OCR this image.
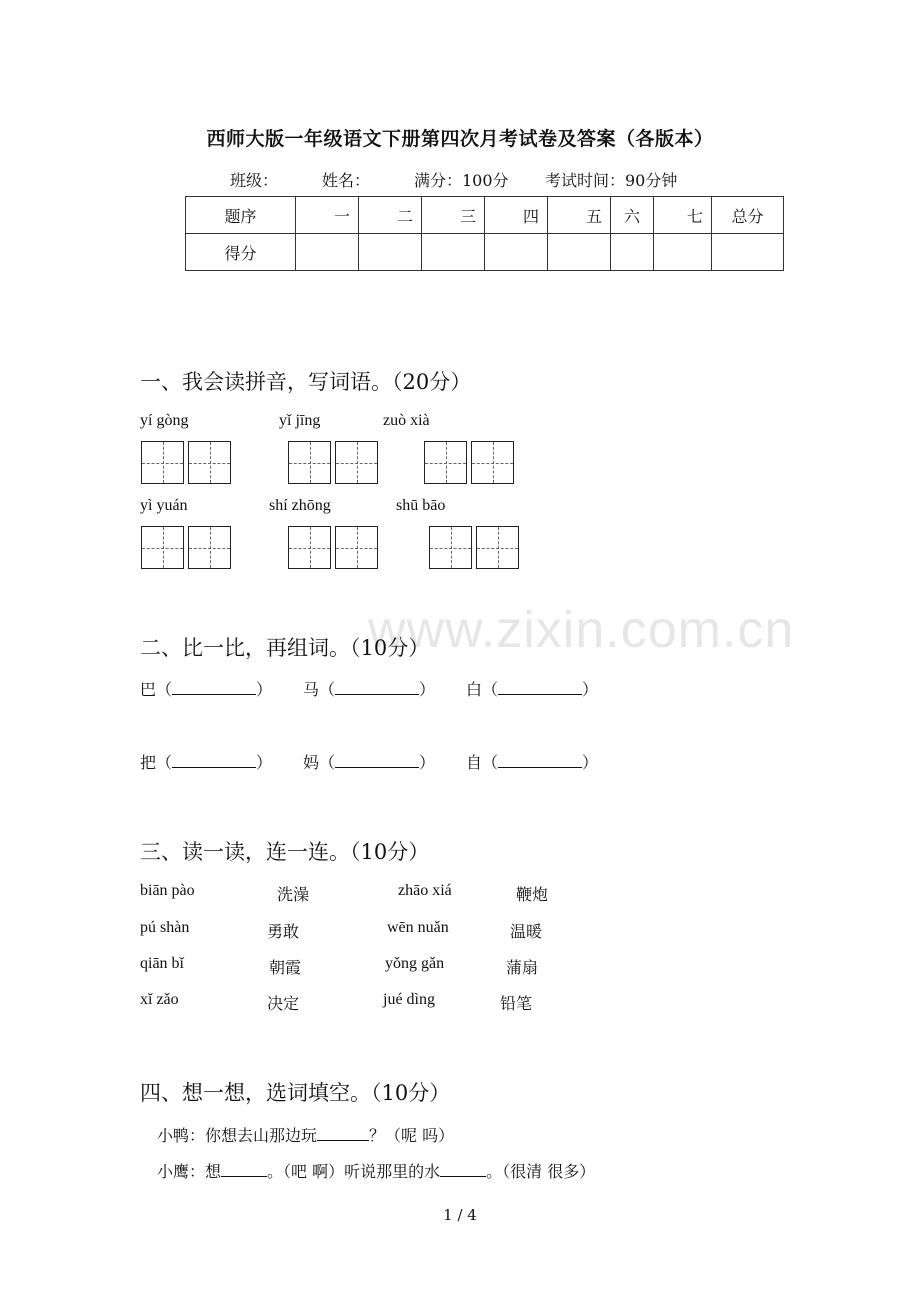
西师大版一年级语文下册第四次月考试卷及答案（各版本）
班级：	姓名：	满分：100分 考试时间：90分钟
题序	一	二	三	四	五	六	七	总分
得分								
一、我会读拼音，写词语。（20分）
yí gòng	yǐ jīng	zuò xià
yì yuán	shí zhōng	shū bāo
www.zixin.com.cn
二、比一比，再组词。（10分）
巴（	） 马（	） 白（	）
把（	） 妈（	） 自（	）
三、读一读，连一连。（10分）
biān pào	洗澡	zhāo xiá	鞭炮
pú shàn	勇敢	wēn nuǎn	温暖
qiān bǐ	朝霞	yǒng gǎn	蒲扇
xǐ zǎo	决定	jué dìng	铅笔
四、想一想，选词填空。（10分）
小鸭：你想去山那边玩	？（呢 吗）
小鹰：想	。（吧 啊）听说那里的水	。（很清 很多）
1 / 4
